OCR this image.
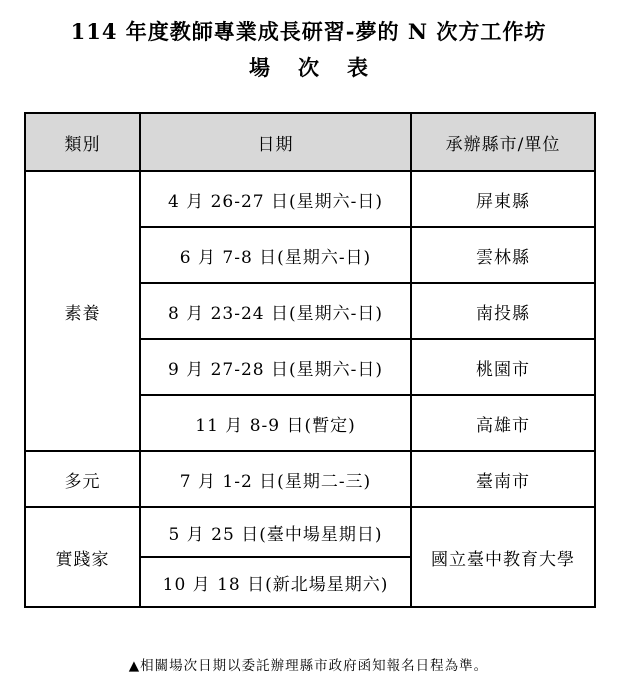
114 年度教師專業成長研習-夢的 N 次方工作坊
場 次 表
類別	日期	承辦縣市/單位
素養	4 月 26-27 日(星期六-日)	屏東縣
	6 月 7-8 日(星期六-日)	雲林縣
	8 月 23-24 日(星期六-日)	南投縣
	9 月 27-28 日(星期六-日)	桃園市
	11 月 8-9 日(暫定)	高雄市
多元	7 月 1-2 日(星期二-三)	臺南市
實踐家	5 月 25 日(臺中場星期日)	國立臺中教育大學
	10 月 18 日(新北場星期六)	
▲相關場次日期以委託辦理縣市政府函知報名日程為準。
